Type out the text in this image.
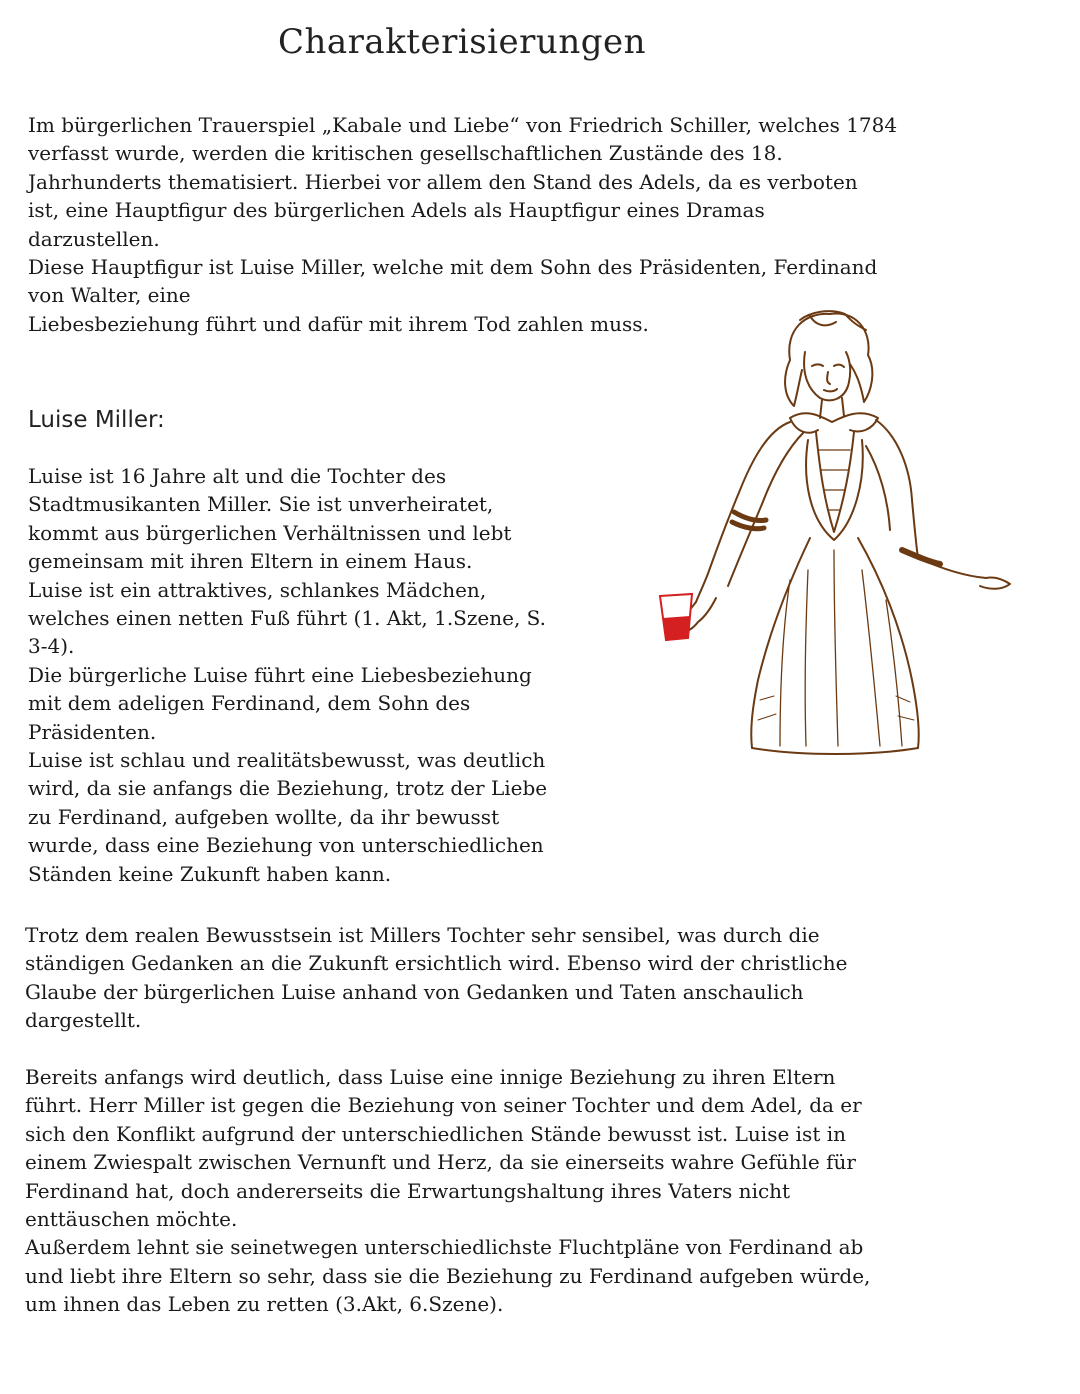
Charakterisierungen

Im bürgerlichen Trauerspiel „Kabale und Liebe“ von Friedrich Schiller, welches 1784
verfasst wurde, werden die kritischen gesellschaftlichen Zustände des 18.
Jahrhunderts thematisiert. Hierbei vor allem den Stand des Adels, da es verboten
ist, eine Hauptfigur des bürgerlichen Adels als Hauptfigur eines Dramas
darzustellen.
Diese Hauptfigur ist Luise Miller, welche mit dem Sohn des Präsidenten, Ferdinand
von Walter, eine
Liebesbeziehung führt und dafür mit ihrem Tod zahlen muss.

Luise Miller:

Luise ist 16 Jahre alt und die Tochter des
Stadtmusikanten Miller. Sie ist unverheiratet,
kommt aus bürgerlichen Verhältnissen und lebt
gemeinsam mit ihren Eltern in einem Haus.
Luise ist ein attraktives, schlankes Mädchen,
welches einen netten Fuß führt (1. Akt, 1.Szene, S.
3-4).
Die bürgerliche Luise führt eine Liebesbeziehung
mit dem adeligen Ferdinand, dem Sohn des
Präsidenten.
Luise ist schlau und realitätsbewusst, was deutlich
wird, da sie anfangs die Beziehung, trotz der Liebe
zu Ferdinand, aufgeben wollte, da ihr bewusst
wurde, dass eine Beziehung von unterschiedlichen
Ständen keine Zukunft haben kann.

Trotz dem realen Bewusstsein ist Millers Tochter sehr sensibel, was durch die
ständigen Gedanken an die Zukunft ersichtlich wird. Ebenso wird der christliche
Glaube der bürgerlichen Luise anhand von Gedanken und Taten anschaulich
dargestellt.

Bereits anfangs wird deutlich, dass Luise eine innige Beziehung zu ihren Eltern
führt. Herr Miller ist gegen die Beziehung von seiner Tochter und dem Adel, da er
sich den Konflikt aufgrund der unterschiedlichen Stände bewusst ist. Luise ist in
einem Zwiespalt zwischen Vernunft und Herz, da sie einerseits wahre Gefühle für
Ferdinand hat, doch andererseits die Erwartungshaltung ihres Vaters nicht
enttäuschen möchte.
Außerdem lehnt sie seinetwegen unterschiedlichste Fluchtpläne von Ferdinand ab
und liebt ihre Eltern so sehr, dass sie die Beziehung zu Ferdinand aufgeben würde,
um ihnen das Leben zu retten (3.Akt, 6.Szene).
